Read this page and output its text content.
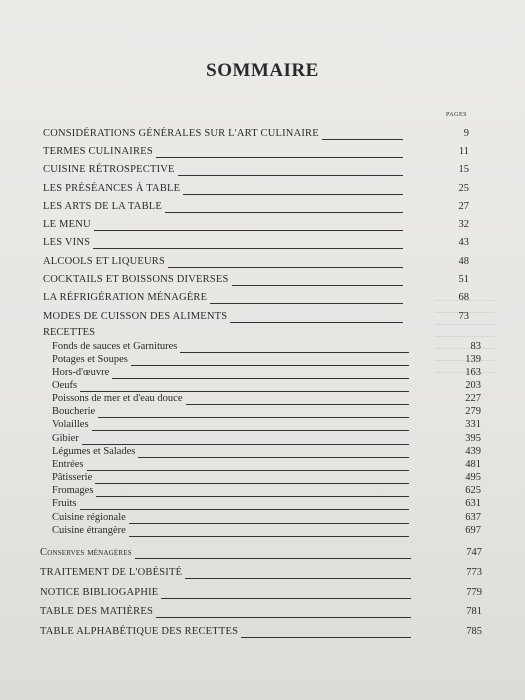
SOMMAIRE
PAGES
CONSIDÉRATIONS GÉNÉRALES SUR L'ART CULINAIRE	9
TERMES CULINAIRES	11
CUISINE RÉTROSPECTIVE	15
LES PRÉSÉANCES À TABLE	25
LES ARTS DE LA TABLE	27
LE MENU	32
LES VINS	43
ALCOOLS ET LIQUEURS	48
COCKTAILS ET BOISSONS DIVERSES	51
LA RÉFRIGÉRATION MÉNAGÈRE	68
MODES DE CUISSON DES ALIMENTS	73
Fonds de sauces et Garnitures	83
Potages et Soupes	139
Hors-d'œuvre	163
Oeufs	203
Poissons de mer et d'eau douce	227
Boucherie	279
Volailles	331
Gibier	395
Légumes et Salades	439
Entrées	481
Pâtisserie	495
Fromages	625
Fruits	631
Cuisine régionale	637
Cuisine étrangère	697
Conserves ménagères	747
TRAITEMENT DE L'OBÉSITÉ	773
NOTICE BIBLIOGAPHIE	779
TABLE DES MATIÈRES	781
TABLE ALPHABÉTIQUE DES RECETTES	785
RECETTES
